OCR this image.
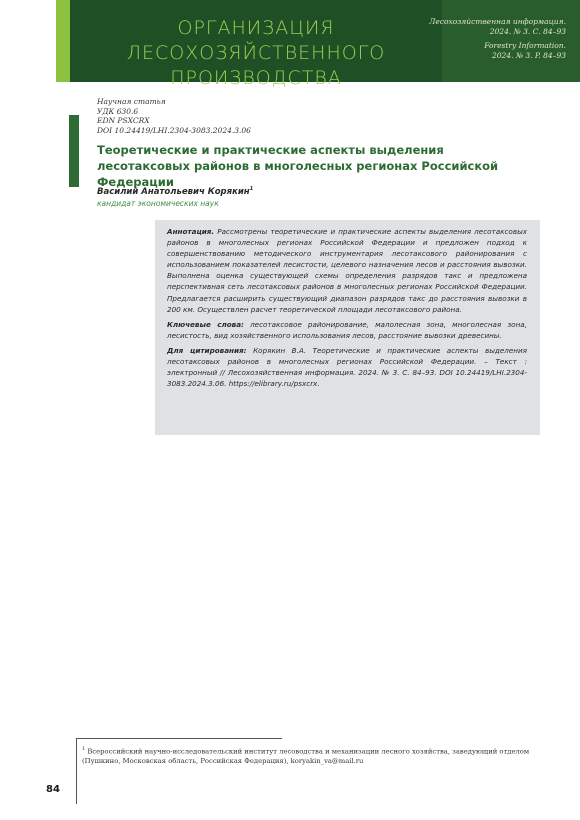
ОРГАНИЗАЦИЯ
ЛЕСОХОЗЯЙСТВЕННОГО ПРОИЗВОДСТВА
Лесохозяйственная информация.
2024. № 3. С. 84–93
Forestry Information.
2024. № 3. P. 84–93
Научная статья
УДК 630.6
EDN PSXCRX
DOI 10.24419/LHI.2304-3083.2024.3.06
Теоретические и практические аспекты выделения лесотаксовых районов в многолесных регионах Российской Федерации
Василий Анатольевич Корякин$^1$
кандидат экономических наук

Аннотация. Рассмотрены теоретические и практические аспекты выделения лесотаксовых районов в многолесных регионах Российской Федерации и предложен подход к совершенствованию методического инструментария лесотаксового районирования с использованием показателей лесистости, целевого назначения лесов и расстояния вывозки. Выполнена оценка существующей схемы определения разрядов такс и предложена перспективная сеть лесотаксовых районов в многолесных регионах Российской Федерации. Предлагается расширить существующий диапазон разрядов такс до расстояния вывозки в 200 км. Осуществлен расчет теоретической площади лесотаксового района.

Ключевые слова: лесотаксовое районирование, малолесная зона, многолесная зона, лесистость, вид хозяйственного использования лесов, расстояние вывозки древесины.

Для цитирования: Корякин В.А. Теоретические и практические аспекты выделения лесотаксовых районов в многолесных регионах Российской Федерации. – Текст : электронный // Лесохозяйственная информация. 2024. № 3. С. 84–93. DOI 10.24419/LHI.2304-3083.2024.3.06. https://elibrary.ru/psxcrx.

$^1$ Всероссийский научно-исследовательский институт лесоводства и механизации лесного хозяйства, заведующий отделом (Пушкино, Московская область, Российская Федерация), koryakin_va@mail.ru
84
